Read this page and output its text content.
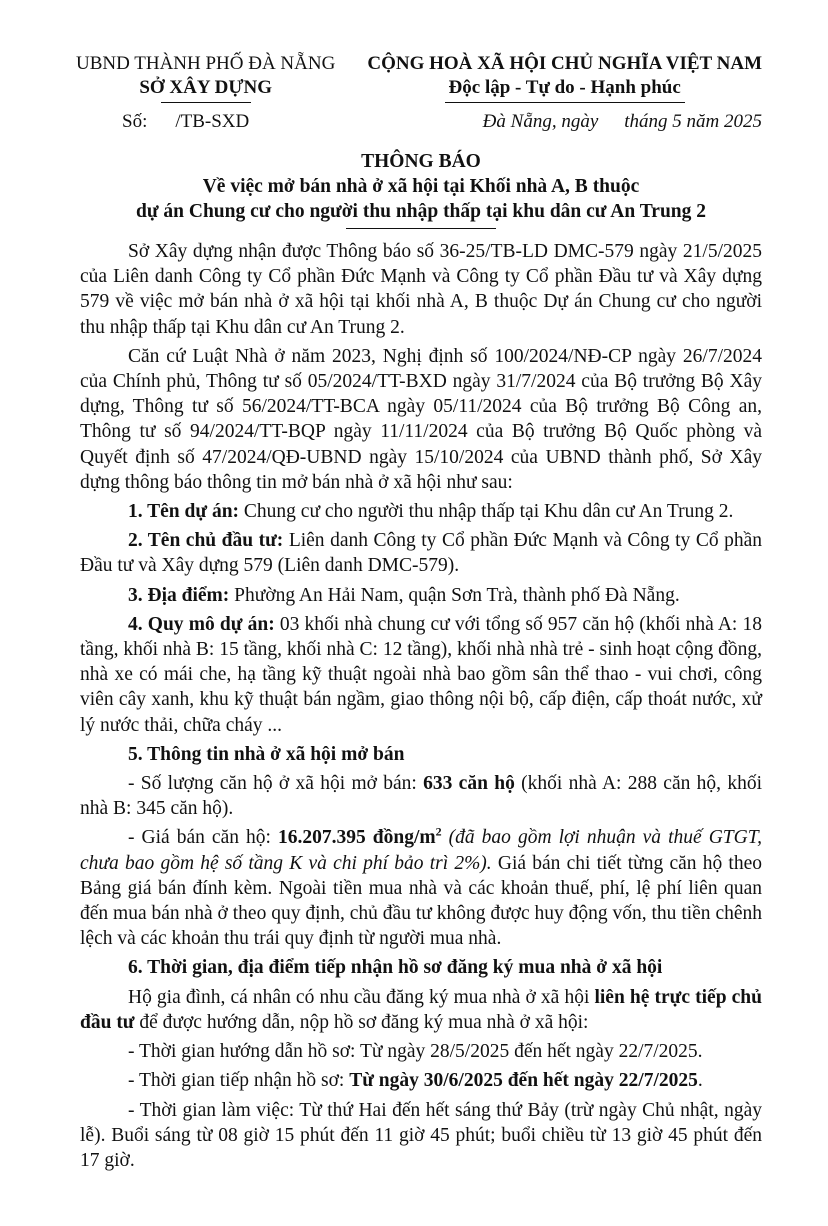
UBND THÀNH PHỐ ĐÀ NẴNG
SỞ XÂY DỰNG
CỘNG HOÀ XÃ HỘI CHỦ NGHĨA VIỆT NAM
Độc lập - Tự do - Hạnh phúc
Số: /TB-SXD	Đà Nẵng, ngày tháng 5 năm 2025
THÔNG BÁO
Về việc mở bán nhà ở xã hội tại Khối nhà A, B thuộc
dự án Chung cư cho người thu nhập thấp tại khu dân cư An Trung 2

Sở Xây dựng nhận được Thông báo số 36-25/TB-LD DMC-579 ngày 21/5/2025 của Liên danh Công ty Cổ phần Đức Mạnh và Công ty Cổ phần Đầu tư và Xây dựng 579 về việc mở bán nhà ở xã hội tại khối nhà A, B thuộc Dự án Chung cư cho người thu nhập thấp tại Khu dân cư An Trung 2.

Căn cứ Luật Nhà ở năm 2023, Nghị định số 100/2024/NĐ-CP ngày 26/7/2024 của Chính phủ, Thông tư số 05/2024/TT-BXD ngày 31/7/2024 của Bộ trưởng Bộ Xây dựng, Thông tư số 56/2024/TT-BCA ngày 05/11/2024 của Bộ trưởng Bộ Công an, Thông tư số 94/2024/TT-BQP ngày 11/11/2024 của Bộ trưởng Bộ Quốc phòng và Quyết định số 47/2024/QĐ-UBND ngày 15/10/2024 của UBND thành phố, Sở Xây dựng thông báo thông tin mở bán nhà ở xã hội như sau:

1. Tên dự án: Chung cư cho người thu nhập thấp tại Khu dân cư An Trung 2.

2. Tên chủ đầu tư: Liên danh Công ty Cổ phần Đức Mạnh và Công ty Cổ phần Đầu tư và Xây dựng 579 (Liên danh DMC-579).

3. Địa điểm: Phường An Hải Nam, quận Sơn Trà, thành phố Đà Nẵng.

4. Quy mô dự án: 03 khối nhà chung cư với tổng số 957 căn hộ (khối nhà A: 18 tầng, khối nhà B: 15 tầng, khối nhà C: 12 tầng), khối nhà nhà trẻ - sinh hoạt cộng đồng, nhà xe có mái che, hạ tầng kỹ thuật ngoài nhà bao gồm sân thể thao - vui chơi, công viên cây xanh, khu kỹ thuật bán ngầm, giao thông nội bộ, cấp điện, cấp thoát nước, xử lý nước thải, chữa cháy ...

5. Thông tin nhà ở xã hội mở bán

- Số lượng căn hộ ở xã hội mở bán: 633 căn hộ (khối nhà A: 288 căn hộ, khối nhà B: 345 căn hộ).

- Giá bán căn hộ: 16.207.395 đồng/$m^2$ (đã bao gồm lợi nhuận và thuế GTGT, chưa bao gồm hệ số tầng K và chi phí bảo trì 2%). Giá bán chi tiết từng căn hộ theo Bảng giá bán đính kèm. Ngoài tiền mua nhà và các khoản thuế, phí, lệ phí liên quan đến mua bán nhà ở theo quy định, chủ đầu tư không được huy động vốn, thu tiền chênh lệch và các khoản thu trái quy định từ người mua nhà.

6. Thời gian, địa điểm tiếp nhận hồ sơ đăng ký mua nhà ở xã hội

Hộ gia đình, cá nhân có nhu cầu đăng ký mua nhà ở xã hội liên hệ trực tiếp chủ đầu tư để được hướng dẫn, nộp hồ sơ đăng ký mua nhà ở xã hội:

- Thời gian hướng dẫn hồ sơ: Từ ngày 28/5/2025 đến hết ngày 22/7/2025.

- Thời gian tiếp nhận hồ sơ: Từ ngày 30/6/2025 đến hết ngày 22/7/2025.

- Thời gian làm việc: Từ thứ Hai đến hết sáng thứ Bảy (trừ ngày Chủ nhật, ngày lễ). Buổi sáng từ 08 giờ 15 phút đến 11 giờ 45 phút; buổi chiều từ 13 giờ 45 phút đến 17 giờ.
